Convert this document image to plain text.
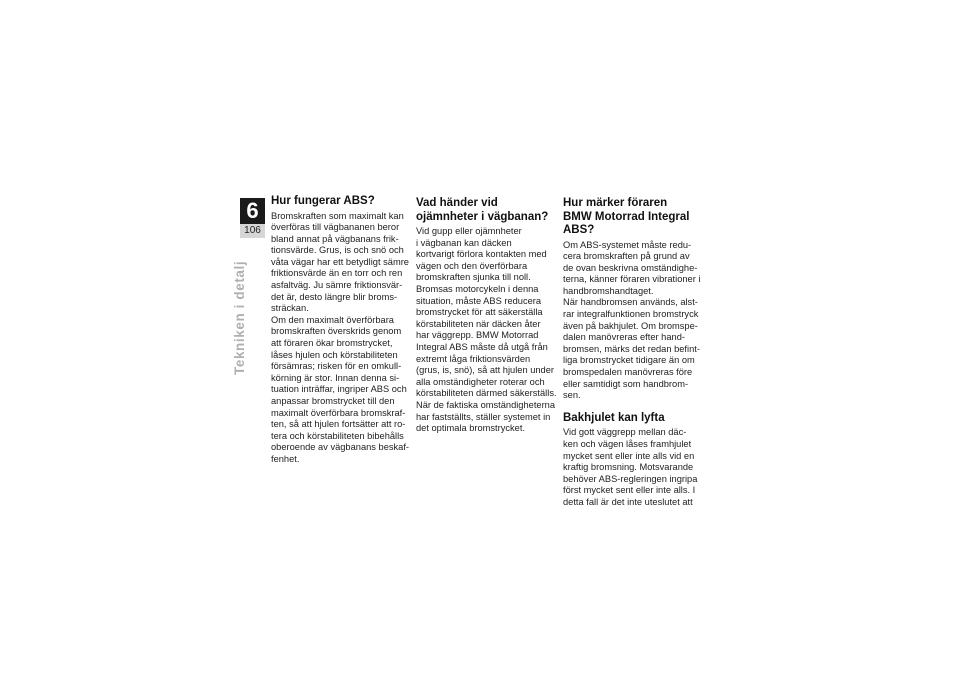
6
106
Tekniken i detalj
Hur fungerar ABS?

Bromskraften som maximalt kan
överföras till vägbananen beror
bland annat på vägbanans frik-
tionsvärde. Grus, is och snö och
våta vägar har ett betydligt sämre
friktionsvärde än en torr och ren
asfaltväg. Ju sämre friktionsvär-
det är, desto längre blir broms-
sträckan.

Om den maximalt överförbara
bromskraften överskrids genom
att föraren ökar bromstrycket,
låses hjulen och körstabiliteten
försämras; risken för en omkull-
körning är stor. Innan denna si-
tuation inträffar, ingriper ABS och
anpassar bromstrycket till den
maximalt överförbara bromskraf-
ten, så att hjulen fortsätter att ro-
tera och körstabiliteten bibehålls
oberoende av vägbanans beskaf-
fenhet.

Vad händer vid
ojämnheter i vägbanan?

Vid gupp eller ojämnheter
i vägbanan kan däcken
kortvarigt förlora kontakten med
vägen och den överförbara
bromskraften sjunka till noll.
Bromsas motorcykeln i denna
situation, måste ABS reducera
bromstrycket för att säkerställa
körstabiliteten när däcken åter
har väggrepp. BMW Motorrad
Integral ABS måste då utgå från
extremt låga friktionsvärden
(grus, is, snö), så att hjulen under
alla omständigheter roterar och
körstabiliteten därmed säkerställs.
När de faktiska omständigheterna
har fastställts, ställer systemet in
det optimala bromstrycket.

Hur märker föraren
BMW Motorrad Integral
ABS?

Om ABS-systemet måste redu-
cera bromskraften på grund av
de ovan beskrivna omständighe-
terna, känner föraren vibrationer i
handbromshandtaget.

När handbromsen används, alst-
rar integralfunktionen bromstryck
även på bakhjulet. Om bromspe-
dalen manövreras efter hand-
bromsen, märks det redan befint-
liga bromstrycket tidigare än om
bromspedalen manövreras före
eller samtidigt som handbrom-
sen.

Bakhjulet kan lyfta

Vid gott väggrepp mellan däc-
ken och vägen låses framhjulet
mycket sent eller inte alls vid en
kraftig bromsning. Motsvarande
behöver ABS-regleringen ingripa
först mycket sent eller inte alls. I
detta fall är det inte uteslutet att
